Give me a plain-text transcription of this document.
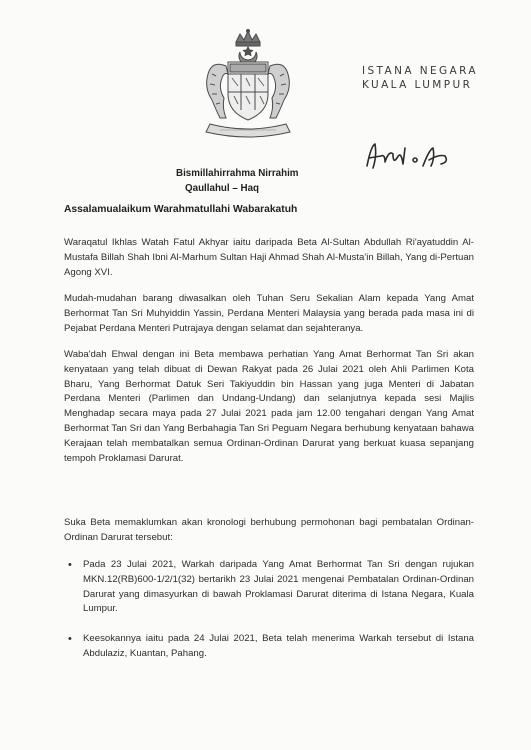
ISTANA NEGARA
KUALA LUMPUR
Bismillahirrahma Nirrahim
Qaullahul – Haq
Assalamualaikum Warahmatullahi Wabarakatuh

Waraqatul Ikhlas Watah Fatul Akhyar iaitu daripada Beta Al-Sultan Abdullah Ri'ayatuddin Al-Mustafa Billah Shah Ibni Al-Marhum Sultan Haji Ahmad Shah Al-Musta'in Billah, Yang di-Pertuan Agong XVI.

Mudah-mudahan barang diwasalkan oleh Tuhan Seru Sekalian Alam kepada Yang Amat Berhormat Tan Sri Muhyiddin Yassin, Perdana Menteri Malaysia yang berada pada masa ini di Pejabat Perdana Menteri Putrajaya dengan selamat dan sejahteranya.

Waba'dah Ehwal dengan ini Beta membawa perhatian Yang Amat Berhormat Tan Sri akan kenyataan yang telah dibuat di Dewan Rakyat pada 26 Julai 2021 oleh Ahli Parlimen Kota Bharu, Yang Berhormat Datuk Seri Takiyuddin bin Hassan yang juga Menteri di Jabatan Perdana Menteri (Parlimen dan Undang-Undang) dan selanjutnya kepada sesi Majlis Menghadap secara maya pada 27 Julai 2021 pada jam 12.00 tengahari dengan Yang Amat Berhormat Tan Sri dan Yang Berbahagia Tan Sri Peguam Negara berhubung kenyataan bahawa Kerajaan telah membatalkan semua Ordinan-Ordinan Darurat yang berkuat kuasa sepanjang tempoh Proklamasi Darurat.

Suka Beta memaklumkan akan kronologi berhubung permohonan bagi pembatalan Ordinan-Ordinan Darurat tersebut:

• Pada 23 Julai 2021, Warkah daripada Yang Amat Berhormat Tan Sri dengan rujukan MKN.12(RB)600-1/2/1(32) bertarikh 23 Julai 2021 mengenai Pembatalan Ordinan-Ordinan Darurat yang dimasyurkan di bawah Proklamasi Darurat diterima di Istana Negara, Kuala Lumpur.
• Keesokannya iaitu pada 24 Julai 2021, Beta telah menerima Warkah tersebut di Istana Abdulaziz, Kuantan, Pahang.
